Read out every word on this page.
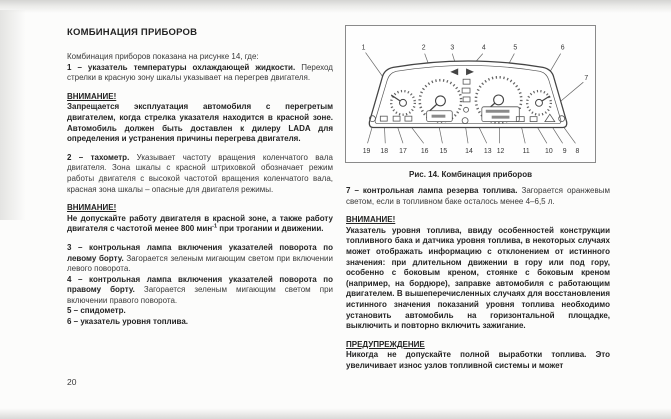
КОМБИНАЦИЯ ПРИБОРОВ

Комбинация приборов показана на рисунке 14, где:

1 – указатель температуры охлаждающей жидкости. Переход стрелки в красную зону шкалы указывает на перегрев двигателя.

ВНИМАНИЕ!
Запрещается эксплуатация автомобиля с перегретым двигателем, когда стрелка указателя находится в красной зоне. Автомобиль должен быть доставлен к дилеру LADA для определения и устранения причины перегрева двигателя.

2 – тахометр. Указывает частоту вращения коленчатого вала двигателя. Зона шкалы с красной штриховкой обозначает режим работы двигателя с высокой частотой вращения коленчатого вала, красная зона шкалы – опасные для двигателя режимы.

ВНИМАНИЕ!
Не допускайте работу двигателя в красной зоне, а также работу двигателя с частотой менее 800 мин$^{-1}$ при трогании и движении.

3 – контрольная лампа включения указателей поворота по левому борту. Загорается зеленым мигающим светом при включении левого поворота.

4 – контрольная лампа включения указателей поворота по правому борту. Загорается зеленым мигающим светом при включении правого поворота.

5 – спидометр.

6 – указатель уровня топлива.

1	2	3	4	5	6
7
19 18 17 16 15	14 13 12	11 10 9 8
Рис. 14. Комбинация приборов

7 – контрольная лампа резерва топлива. Загорается оранжевым светом, если в топливном баке осталось менее 4–6,5 л.

ВНИМАНИЕ!
Указатель уровня топлива, ввиду особенностей конструкции топливного бака и датчика уровня топлива, в некоторых случаях может отображать информацию с отклонением от истинного значения: при длительном движении в гору или под гору, особенно с боковым креном, стоянке с боковым креном (например, на бордюре), заправке автомобиля с работающим двигателем. В вышеперечисленных случаях для восстановления истинного значения показаний уровня топлива необходимо установить автомобиль на горизонтальной площадке, выключить и повторно включить зажигание.
ПРЕДУПРЕЖДЕНИЕ
Никогда не допускайте полной выработки топлива. Это увеличивает износ узлов топливной системы и может
20
